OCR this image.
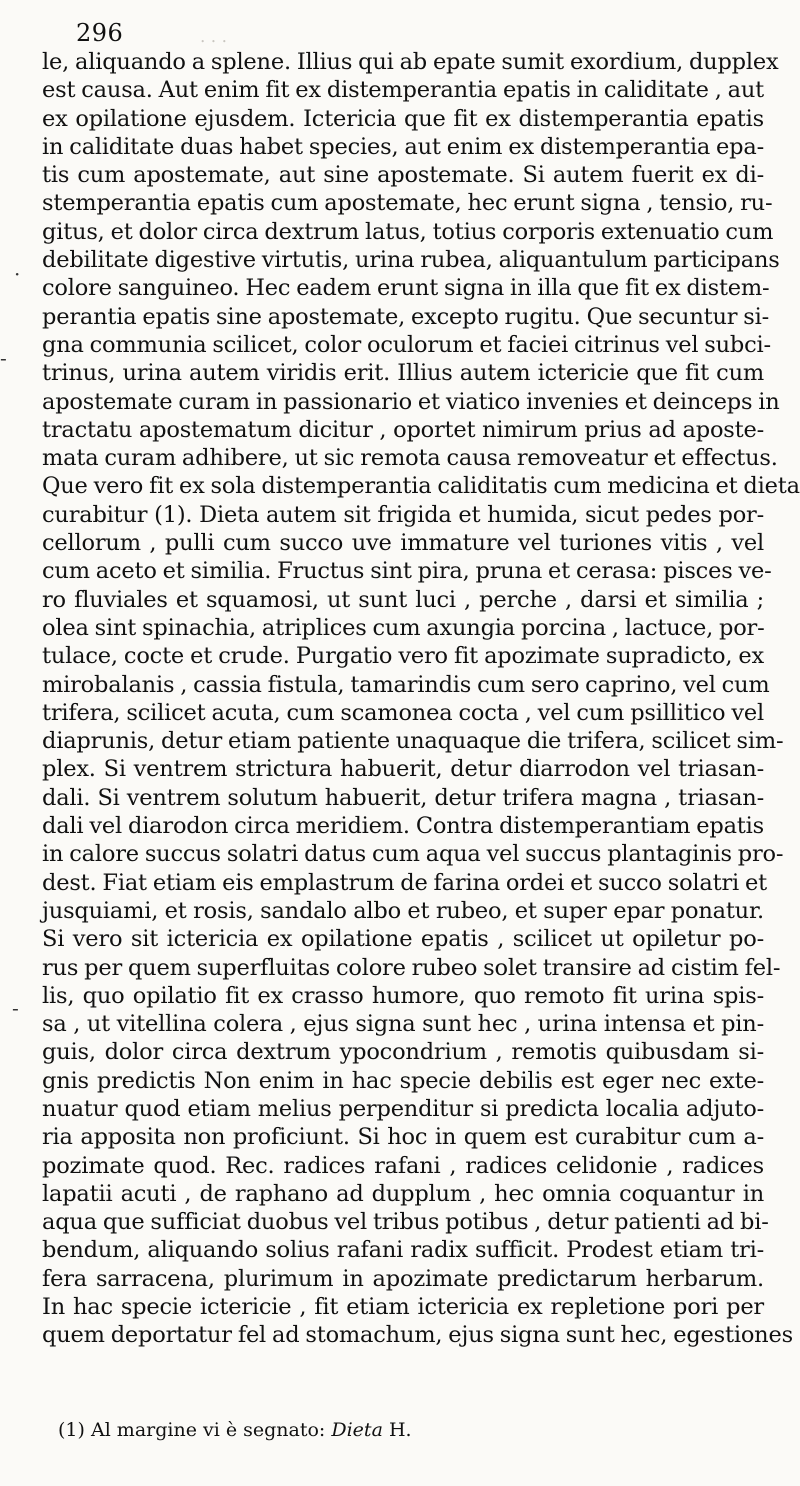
296	· · ·
·
-
-
le, aliquando a splene. Illius qui ab epate sumit exordium, dupplex
est causa. Aut enim fit ex distemperantia epatis in caliditate , aut
ex opilatione ejusdem. Ictericia que fit ex distemperantia epatis
in caliditate duas habet species, aut enim ex distemperantia epa-
tis cum apostemate, aut sine apostemate. Si autem fuerit ex di-
stemperantia epatis cum apostemate, hec erunt signa , tensio, ru-
gitus, et dolor circa dextrum latus, totius corporis extenuatio cum
debilitate digestive virtutis, urina rubea, aliquantulum participans
colore sanguineo. Hec eadem erunt signa in illa que fit ex distem-
perantia epatis sine apostemate, excepto rugitu. Que secuntur si-
gna communia scilicet, color oculorum et faciei citrinus vel subci-
trinus, urina autem viridis erit. Illius autem ictericie que fit cum
apostemate curam in passionario et viatico invenies et deinceps in
tractatu apostematum dicitur , oportet nimirum prius ad aposte-
mata curam adhibere, ut sic remota causa removeatur et effectus.
Que vero fit ex sola distemperantia caliditatis cum medicina et dieta
curabitur (1). Dieta autem sit frigida et humida, sicut pedes por-
cellorum , pulli cum succo uve immature vel turiones vitis , vel
cum aceto et similia. Fructus sint pira, pruna et cerasa: pisces ve-
ro fluviales et squamosi, ut sunt luci , perche , darsi et similia ;
olea sint spinachia, atriplices cum axungia porcina , lactuce, por-
tulace, cocte et crude. Purgatio vero fit apozimate supradicto, ex
mirobalanis , cassia fistula, tamarindis cum sero caprino, vel cum
trifera, scilicet acuta, cum scamonea cocta , vel cum psillitico vel
diaprunis, detur etiam patiente unaquaque die trifera, scilicet sim-
plex. Si ventrem strictura habuerit, detur diarrodon vel triasan-
dali. Si ventrem solutum habuerit, detur trifera magna , triasan-
dali vel diarodon circa meridiem. Contra distemperantiam epatis
in calore succus solatri datus cum aqua vel succus plantaginis pro-
dest. Fiat etiam eis emplastrum de farina ordei et succo solatri et
jusquiami, et rosis, sandalo albo et rubeo, et super epar ponatur.
Si vero sit ictericia ex opilatione epatis , scilicet ut opiletur po-
rus per quem superfluitas colore rubeo solet transire ad cistim fel-
lis, quo opilatio fit ex crasso humore, quo remoto fit urina spis-
sa , ut vitellina colera , ejus signa sunt hec , urina intensa et pin-
guis, dolor circa dextrum ypocondrium , remotis quibusdam si-
gnis predictis Non enim in hac specie debilis est eger nec exte-
nuatur quod etiam melius perpenditur si predicta localia adjuto-
ria apposita non proficiunt. Si hoc in quem est curabitur cum a-
pozimate quod. Rec. radices rafani , radices celidonie , radices
lapatii acuti , de raphano ad dupplum , hec omnia coquantur in
aqua que sufficiat duobus vel tribus potibus , detur patienti ad bi-
bendum, aliquando solius rafani radix sufficit. Prodest etiam tri-
fera sarracena, plurimum in apozimate predictarum herbarum.
In hac specie ictericie , fit etiam ictericia ex repletione pori per
quem deportatur fel ad stomachum, ejus signa sunt hec, egestiones
(1) Al margine vi è segnato: Dieta H.
